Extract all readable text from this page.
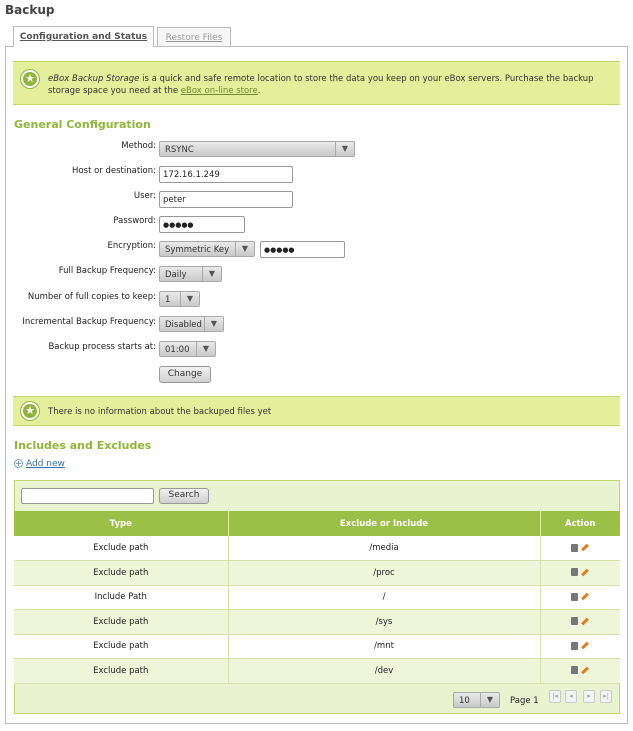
Backup
Configuration and Status	Restore Files
★	eBox Backup Storage is a quick and safe remote location to store the data you keep on your eBox servers. Purchase the backup storage space you need at the eBox on-line store.
General Configuration
Method:	RSYNC	▼
Host or destination: 172.16.1.249
User: peter
Password:	●●●●●
Encryption:	Symmetric Key	▼	●●●●●
Full Backup Frequency:	Daily	▼
Number of full copies to keep:	1	▼
Incremental Backup Frequency:	Disabled	▼
Backup process starts at:	01:00	▼
Change
★	There is no information about the backuped files yet
Includes and Excludes
+ Add new
Search
Type	Exclude or Include	Action
Exclude path	/media	
Exclude path	/proc	
Include Path	/	
Exclude path	/sys	
Exclude path	/mnt	
Exclude path	/dev	
10	▼	Page 1	|◂	◂	▸	▸|
